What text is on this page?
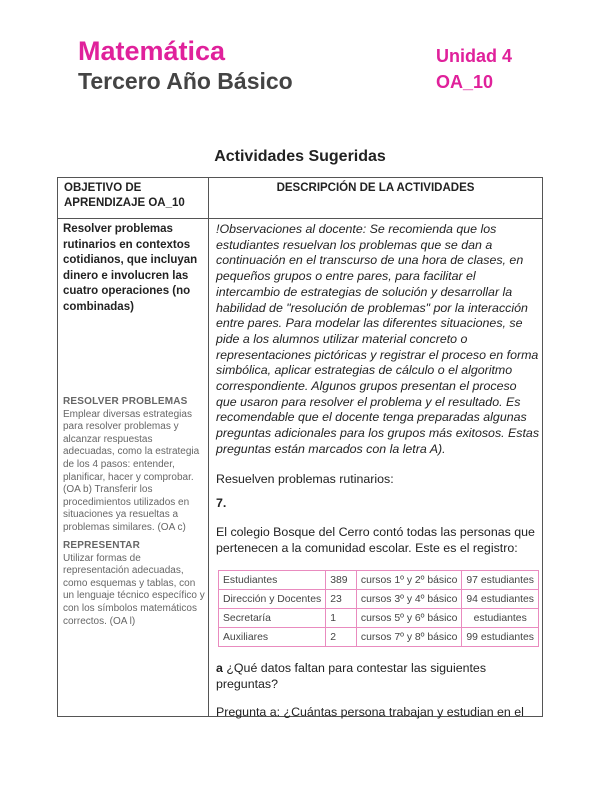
Matemática
Tercero Año Básico
Unidad 4
OA_10
Actividades Sugeridas
OBJETIVO DE APRENDIZAJE OA_10
DESCRIPCIÓN DE LA ACTIVIDADES
Resolver problemas rutinarios en contextos cotidianos, que incluyan dinero e involucren las cuatro operaciones (no combinadas)
RESOLVER PROBLEMAS
Emplear diversas estrategias para resolver problemas y alcanzar respuestas adecuadas, como la estrategia de los 4 pasos: entender, planificar, hacer y comprobar. (OA b) Transferir los procedimientos utilizados en situaciones ya resueltas a problemas similares. (OA c)
REPRESENTAR
Utilizar formas de representación adecuadas, como esquemas y tablas, con un lenguaje técnico específico y con los símbolos matemáticos correctos. (OA l)
!Observaciones al docente: Se recomienda que los estudiantes resuelvan los problemas que se dan a continuación en el transcurso de una hora de clases, en pequeños grupos o entre pares, para facilitar el intercambio de estrategias de solución y desarrollar la habilidad de "resolución de problemas" por la interacción entre pares. Para modelar las diferentes situaciones, se pide a los alumnos utilizar material concreto o representaciones pictóricas y registrar el proceso en forma simbólica, aplicar estrategias de cálculo o el algoritmo correspondiente. Algunos grupos presentan el proceso que usaron para resolver el problema y el resultado. Es recomendable que el docente tenga preparadas algunas preguntas adicionales para los grupos más exitosos. Estas preguntas están marcados con la letra A).
Resuelven problemas rutinarios:
7.
El colegio Bosque del Cerro contó todas las personas que pertenecen a la comunidad escolar. Este es el registro:
Estudiantes	389	cursos 1º y 2º básico	97 estudiantes
Dirección y Docentes	23	cursos 3º y 4º básico	94 estudiantes
Secretaría	1	cursos 5º y 6º básico	estudiantes
Auxiliares	2	cursos 7º y 8º básico	99 estudiantes
a ¿Qué datos faltan para contestar las siguientes preguntas?
Pregunta a: ¿Cuántas persona trabajan y estudian en el
